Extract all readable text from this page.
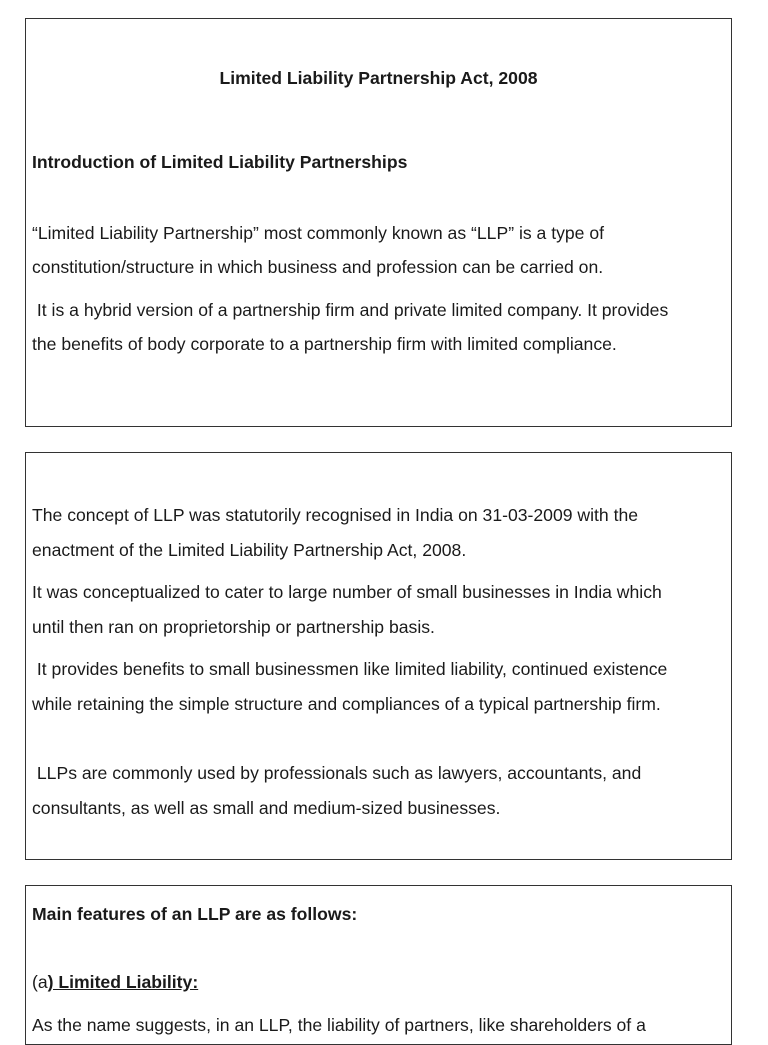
Limited Liability Partnership Act, 2008
Introduction of Limited Liability Partnerships
“Limited Liability Partnership” most commonly known as “LLP” is a type of
constitution/structure in which business and profession can be carried on.
It is a hybrid version of a partnership firm and private limited company. It provides
the benefits of body corporate to a partnership firm with limited compliance.
The concept of LLP was statutorily recognised in India on 31-03-2009 with the
enactment of the Limited Liability Partnership Act, 2008.
It was conceptualized to cater to large number of small businesses in India which
until then ran on proprietorship or partnership basis.
It provides benefits to small businessmen like limited liability, continued existence
while retaining the simple structure and compliances of a typical partnership firm.
LLPs are commonly used by professionals such as lawyers, accountants, and
consultants, as well as small and medium-sized businesses.
Main features of an LLP are as follows:
(a) Limited Liability:
As the name suggests, in an LLP, the liability of partners, like shareholders of a
